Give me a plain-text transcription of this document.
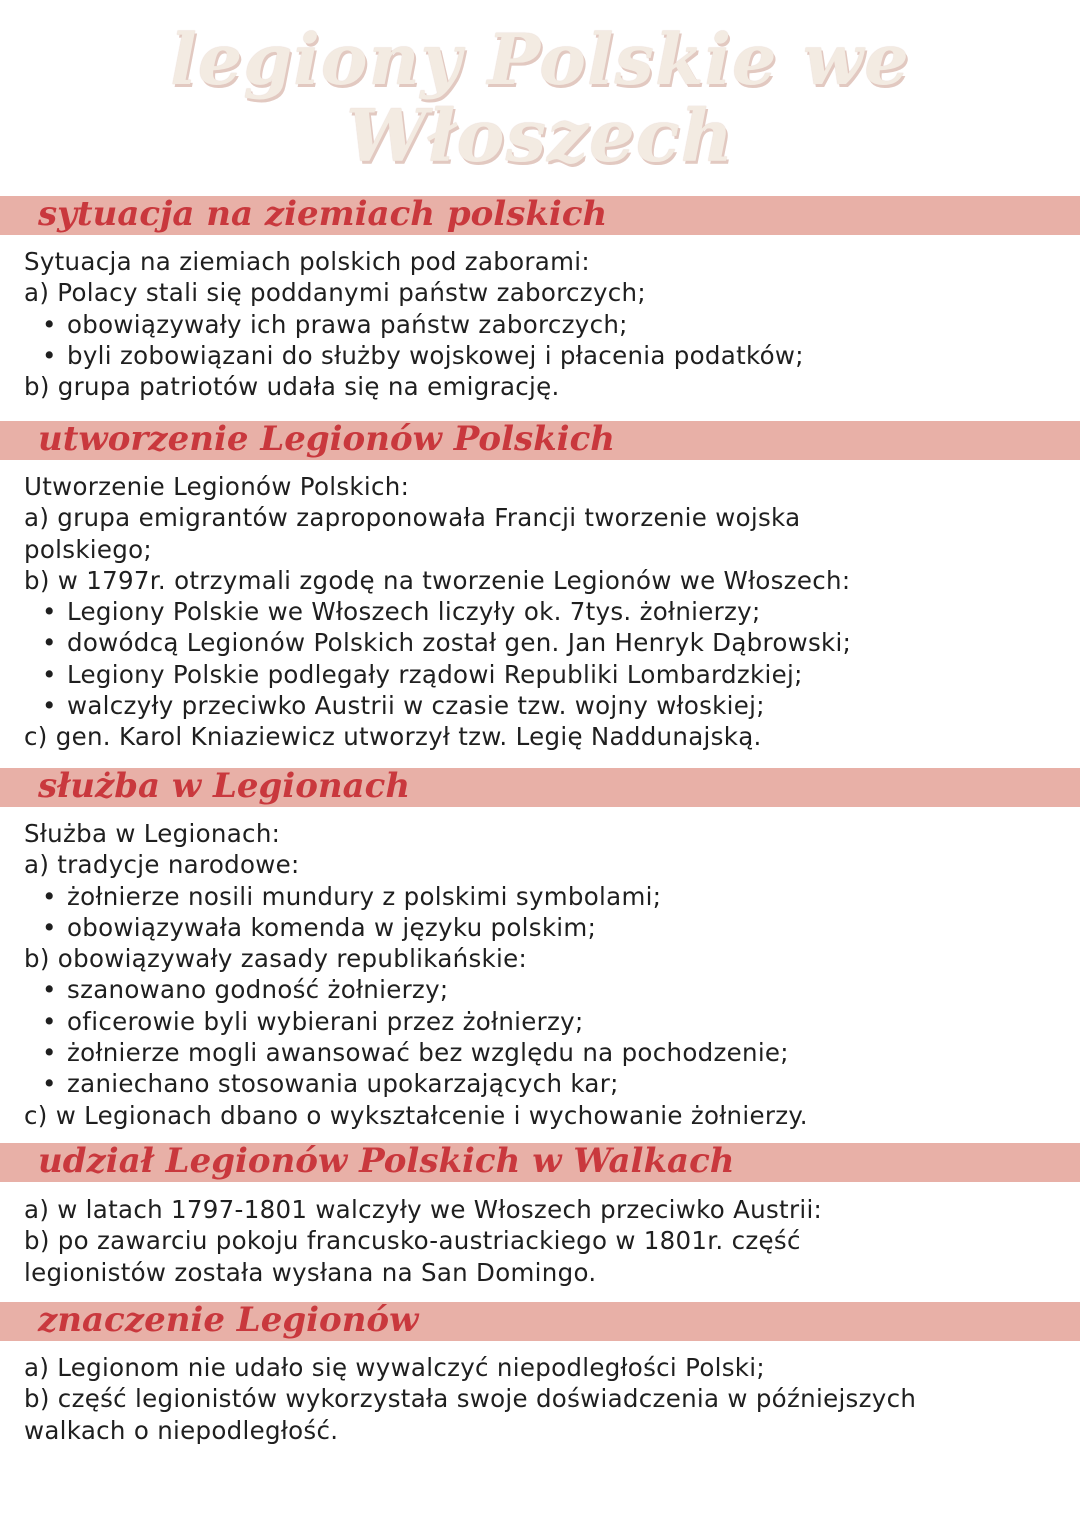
legiony Polskie we
Włoszech
sytuacja na ziemiach polskich
Sytuacja na ziemiach polskich pod zaborami:
a) Polacy stali się poddanymi państw zaborczych;
• obowiązywały ich prawa państw zaborczych;
• byli zobowiązani do służby wojskowej i płacenia podatków;
b) grupa patriotów udała się na emigrację.
utworzenie Legionów Polskich
Utworzenie Legionów Polskich:
a) grupa emigrantów zaproponowała Francji tworzenie wojska
polskiego;
b) w 1797r. otrzymali zgodę na tworzenie Legionów we Włoszech:
• Legiony Polskie we Włoszech liczyły ok. 7tys. żołnierzy;
• dowódcą Legionów Polskich został gen. Jan Henryk Dąbrowski;
• Legiony Polskie podlegały rządowi Republiki Lombardzkiej;
• walczyły przeciwko Austrii w czasie tzw. wojny włoskiej;
c) gen. Karol Kniaziewicz utworzył tzw. Legię Naddunajską.
służba w Legionach
Służba w Legionach:
a) tradycje narodowe:
• żołnierze nosili mundury z polskimi symbolami;
• obowiązywała komenda w języku polskim;
b) obowiązywały zasady republikańskie:
• szanowano godność żołnierzy;
• oficerowie byli wybierani przez żołnierzy;
• żołnierze mogli awansować bez względu na pochodzenie;
• zaniechano stosowania upokarzających kar;
c) w Legionach dbano o wykształcenie i wychowanie żołnierzy.
udział Legionów Polskich w Walkach
a) w latach 1797-1801 walczyły we Włoszech przeciwko Austrii:
b) po zawarciu pokoju francusko-austriackiego w 1801r. część
legionistów została wysłana na San Domingo.
znaczenie Legionów
a) Legionom nie udało się wywalczyć niepodległości Polski;
b) część legionistów wykorzystała swoje doświadczenia w późniejszych
walkach o niepodległość.
